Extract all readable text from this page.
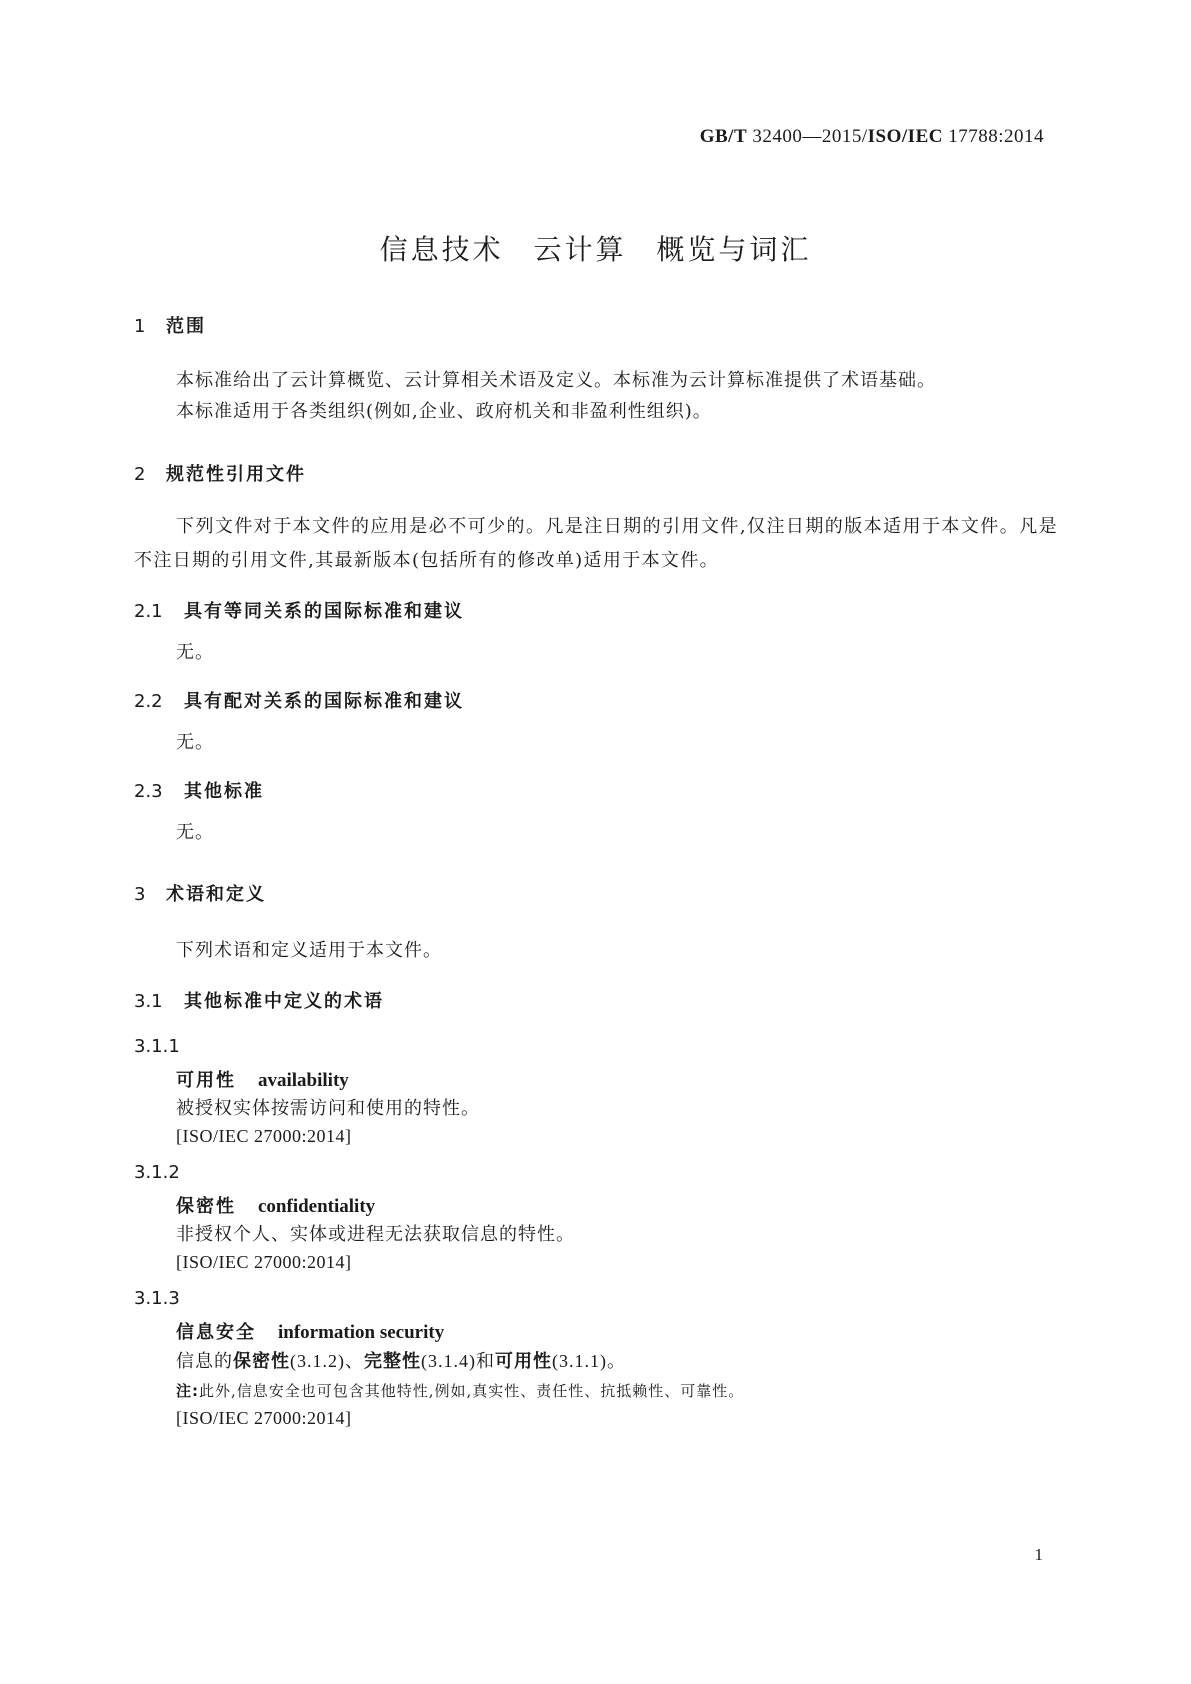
GB/T 32400—2015/ISO/IEC 17788:2014
信息技术 云计算 概览与词汇
1 范围
本标准给出了云计算概览、云计算相关术语及定义。本标准为云计算标准提供了术语基础。
本标准适用于各类组织(例如,企业、政府机关和非盈利性组织)。
2 规范性引用文件
下列文件对于本文件的应用是必不可少的。凡是注日期的引用文件,仅注日期的版本适用于本文件。凡是不注日期的引用文件,其最新版本(包括所有的修改单)适用于本文件。
2.1 具有等同关系的国际标准和建议
无。
2.2 具有配对关系的国际标准和建议
无。
2.3 其他标准
无。
3 术语和定义
下列术语和定义适用于本文件。
3.1 其他标准中定义的术语
3.1.1
可用性 availability
被授权实体按需访问和使用的特性。
[ISO/IEC 27000:2014]
3.1.2
保密性 confidentiality
非授权个人、实体或进程无法获取信息的特性。
[ISO/IEC 27000:2014]
3.1.3
信息安全 information security
信息的保密性(3.1.2)、完整性(3.1.4)和可用性(3.1.1)。
注:此外,信息安全也可包含其他特性,例如,真实性、责任性、抗抵赖性、可靠性。
[ISO/IEC 27000:2014]
1
